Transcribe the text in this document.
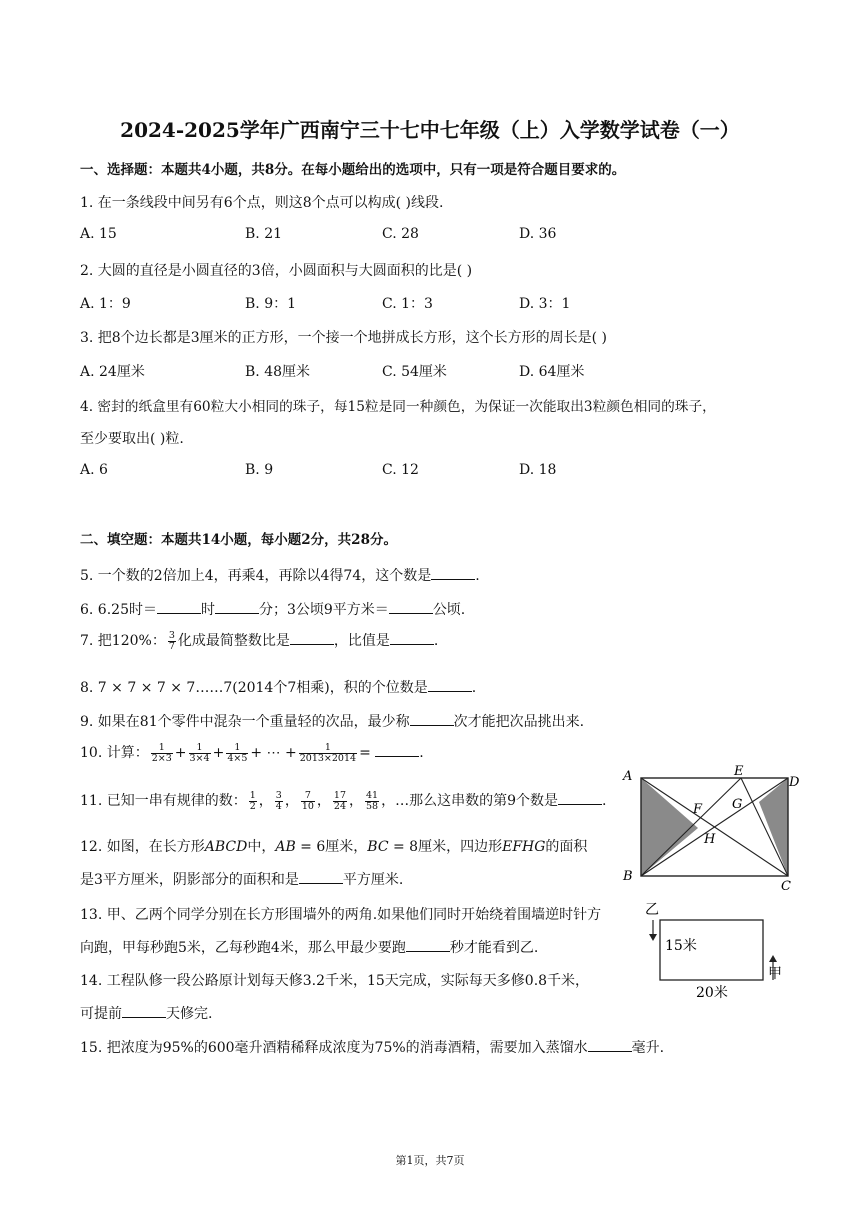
2024-2025学年广西南宁三十七中七年级（上）入学数学试卷（一）
一、选择题：本题共4小题，共8分。在每小题给出的选项中，只有一项是符合题目要求的。
1. 在一条线段中间另有6个点，则这8个点可以构成( )线段.
A. 15	B. 21	C. 28	D. 36
2. 大圆的直径是小圆直径的3倍，小圆面积与大圆面积的比是( )
A. 1：9	B. 9：1	C. 1：3	D. 3：1
3. 把8个边长都是3厘米的正方形，一个接一个地拼成长方形，这个长方形的周长是( )
A. 24厘米	B. 48厘米	C. 54厘米	D. 64厘米
4. 密封的纸盒里有60粒大小相同的珠子，每15粒是同一种颜色，为保证一次能取出3粒颜色相同的珠子，
至少要取出( )粒.
A. 6	B. 9	C. 12	D. 18
二、填空题：本题共14小题，每小题2分，共28分。
5. 一个数的2倍加上4，再乘4，再除以4得74，这个数是	.
6. 6.25时＝	时	分；3公顷9平方米＝	公顷.
7. 把120%： $\frac{3}{7}$ 化成最简整数比是	，比值是	.
8. 7 × 7 × 7 × 7……7(2014个7相乘)，积的个位数是	.
9. 如果在81个零件中混杂一个重量轻的次品，最少称	次才能把次品挑出来.
10. 计算： $\frac{1}{2\times 3} + \frac{1}{3\times 4} + \frac{1}{4\times 5}$ + ⋯ + $\frac{1}{2013\times 2014}$ =	.
11. 已知一串有规律的数： $\frac{1}{2}$ ， $\frac{3}{4}$ ， $\frac{7}{10}$ ， $\frac{17}{24}$ ， $\frac{41}{58}$ ，…那么这串数的第9个数是	.
12. 如图，在长方形ABCD中，AB = 6厘米，BC = 8厘米，四边形EFHG的面积
是3平方厘米，阴影部分的面积和是	平方厘米.
13. 甲、乙两个同学分别在长方形围墙外的两角.如果他们同时开始绕着围墙逆时针方
向跑，甲每秒跑5米，乙每秒跑4米，那么甲最少要跑	秒才能看到乙.
14. 工程队修一段公路原计划每天修3.2千米，15天完成，实际每天多修0.8千米，
可提前	天修完.
15. 把浓度为95%的600毫升酒精稀释成浓度为75%的消毒酒精，需要加入蒸馏水	毫升.
A
B
C
D
E
F G
H
乙
甲
15米
20米
第1页，共7页
